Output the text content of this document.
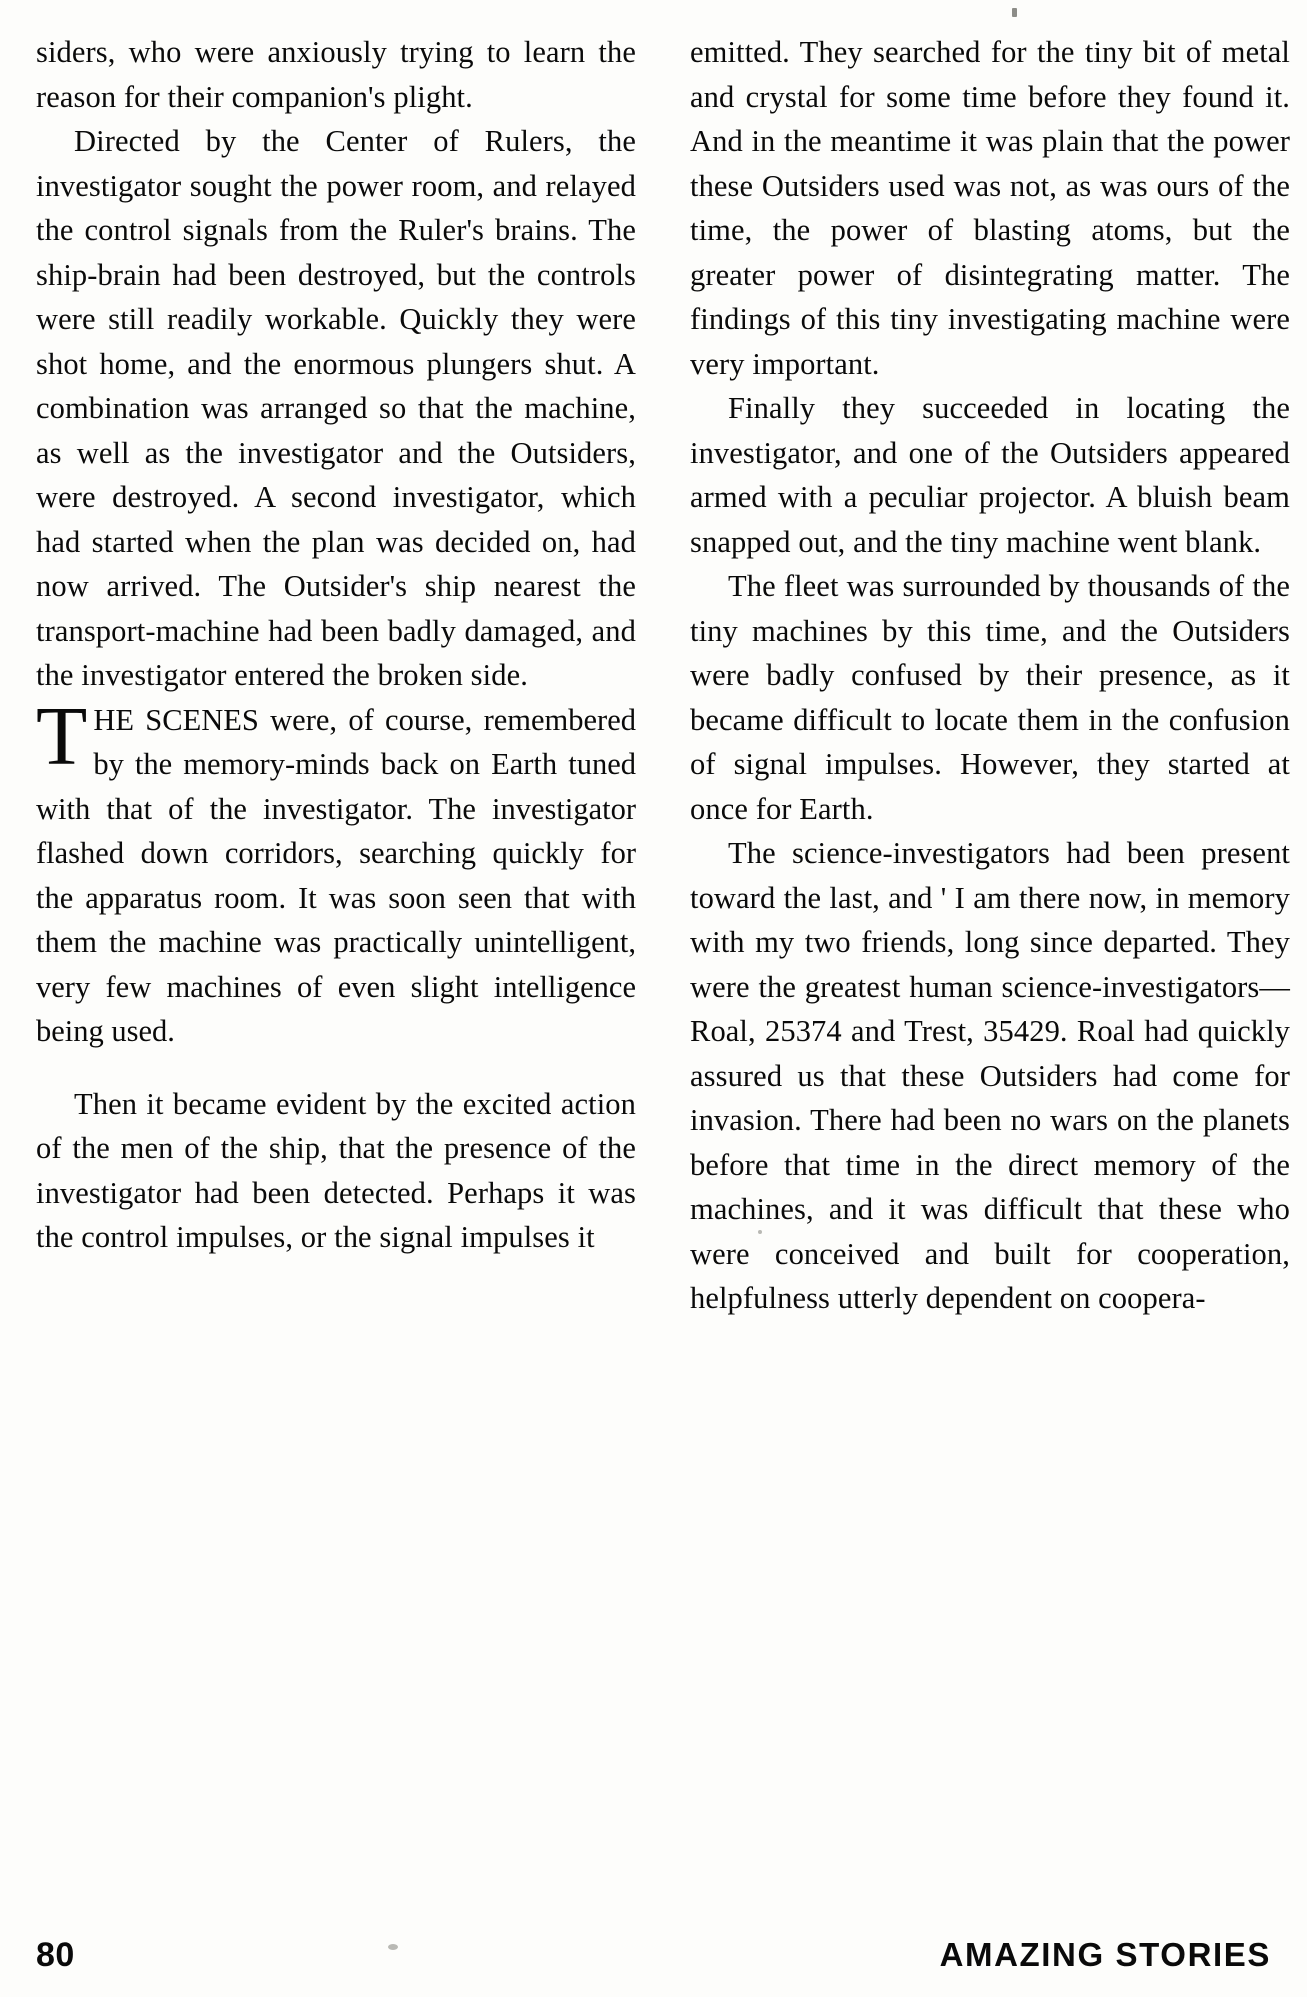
siders, who were anxiously trying to learn the reason for their companion's plight.

Directed by the Center of Rulers, the investigator sought the power room, and relayed the control signals from the Ruler's brains. The ship-brain had been destroyed, but the controls were still readily workable. Quickly they were shot home, and the enormous plungers shut. A combination was arranged so that the machine, as well as the investigator and the Outsiders, were destroyed. A second investigator, which had started when the plan was decided on, had now arrived. The Outsider's ship nearest the transport-machine had been badly damaged, and the investigator entered the broken side.

THE SCENES were, of course, remembered by the memory-minds back on Earth tuned with that of the investigator. The investigator flashed down corridors, searching quickly for the apparatus room. It was soon seen that with them the machine was practically unintelligent, very few machines of even slight intelligence being used.

Then it became evident by the excited action of the men of the ship, that the presence of the investigator had been detected. Perhaps it was the control impulses, or the signal impulses it

emitted. They searched for the tiny bit of metal and crystal for some time before they found it. And in the meantime it was plain that the power these Outsiders used was not, as was ours of the time, the power of blasting atoms, but the greater power of disintegrating matter. The findings of this tiny investigating machine were very important.

Finally they succeeded in locating the investigator, and one of the Outsiders appeared armed with a peculiar projector. A bluish beam snapped out, and the tiny machine went blank.

The fleet was surrounded by thousands of the tiny machines by this time, and the Outsiders were badly confused by their presence, as it became difficult to locate them in the confusion of signal impulses. However, they started at once for Earth.

The science-investigators had been present toward the last, and ' I am there now, in memory with my two friends, long since departed. They were the greatest human science-investigators—Roal, 25374 and Trest, 35429. Roal had quickly assured us that these Outsiders had come for invasion. There had been no wars on the planets before that time in the direct memory of the machines, and it was difficult that these who were conceived and built for cooperation, helpfulness utterly dependent on coopera-

80	AMAZING STORIES
